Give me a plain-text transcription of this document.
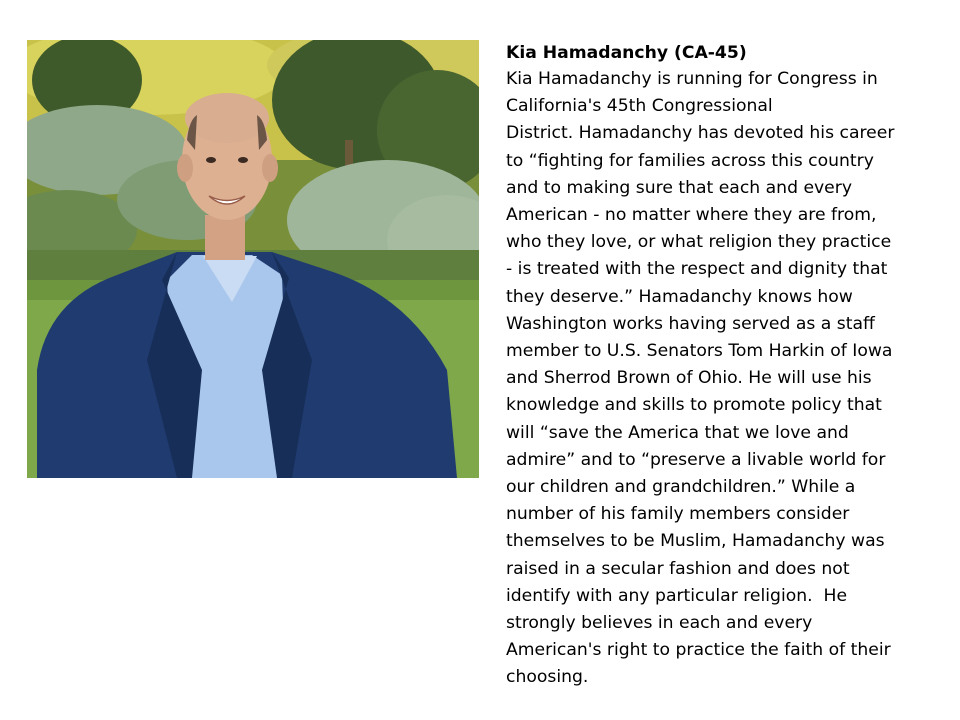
Kia Hamadanchy (CA-45)
Kia Hamadanchy is running for Congress in
California's 45th Congressional
District. Hamadanchy has devoted his career
to “fighting for families across this country
and to making sure that each and every
American - no matter where they are from,
who they love, or what religion they practice
- is treated with the respect and dignity that
they deserve.” Hamadanchy knows how
Washington works having served as a staff
member to U.S. Senators Tom Harkin of Iowa
and Sherrod Brown of Ohio. He will use his
knowledge and skills to promote policy that
will “save the America that we love and
admire” and to “preserve a livable world for
our children and grandchildren.” While a
number of his family members consider
themselves to be Muslim, Hamadanchy was
raised in a secular fashion and does not
identify with any particular religion.  He
strongly believes in each and every
American's right to practice the faith of their
choosing.
